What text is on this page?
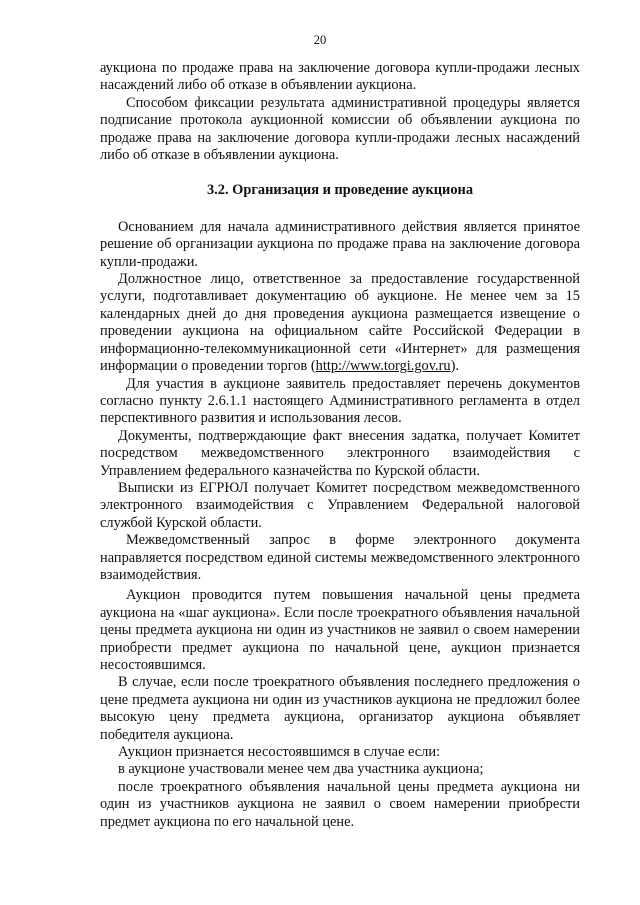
20

аукциона по продаже права на заключение договора купли-продажи лесных насаждений либо об отказе в объявлении аукциона.

Способом фиксации результата административной процедуры является подписание протокола аукционной комиссии об объявлении аукциона по продаже права на заключение договора купли-продажи лесных насаждений либо об отказе в объявлении аукциона.

3.2. Организация и проведение аукциона

Основанием для начала административного действия является принятое решение об организации аукциона по продаже права на заключение договора купли-продажи.

Должностное лицо, ответственное за предоставление государственной услуги, подготавливает документацию об аукционе. Не менее чем за 15 календарных дней до дня проведения аукциона размещается извещение о проведении аукциона на официальном сайте Российской Федерации в информационно-телекоммуникационной сети «Интернет» для размещения информации о проведении торгов (http://www.torgi.gov.ru).

Для участия в аукционе заявитель предоставляет перечень документов согласно пункту 2.6.1.1 настоящего Административного регламента в отдел перспективного развития и использования лесов.

Документы, подтверждающие факт внесения задатка, получает Комитет посредством межведомственного электронного взаимодействия с Управлением федерального казначейства по Курской области.

Выписки из ЕГРЮЛ получает Комитет посредством межведомственного электронного взаимодействия с Управлением Федеральной налоговой службой Курской области.

Межведомственный запрос в форме электронного документа направляется посредством единой системы межведомственного электронного взаимодействия.

Аукцион проводится путем повышения начальной цены предмета аукциона на «шаг аукциона». Если после троекратного объявления начальной цены предмета аукциона ни один из участников не заявил о своем намерении приобрести предмет аукциона по начальной цене, аукцион признается несостоявшимся.

В случае, если после троекратного объявления последнего предложения о цене предмета аукциона ни один из участников аукциона не предложил более высокую цену предмета аукциона, организатор аукциона объявляет победителя аукциона.

Аукцион признается несостоявшимся в случае если:

в аукционе участвовали менее чем два участника аукциона;

после троекратного объявления начальной цены предмета аукциона ни один из участников аукциона не заявил о своем намерении приобрести предмет аукциона по его начальной цене.
